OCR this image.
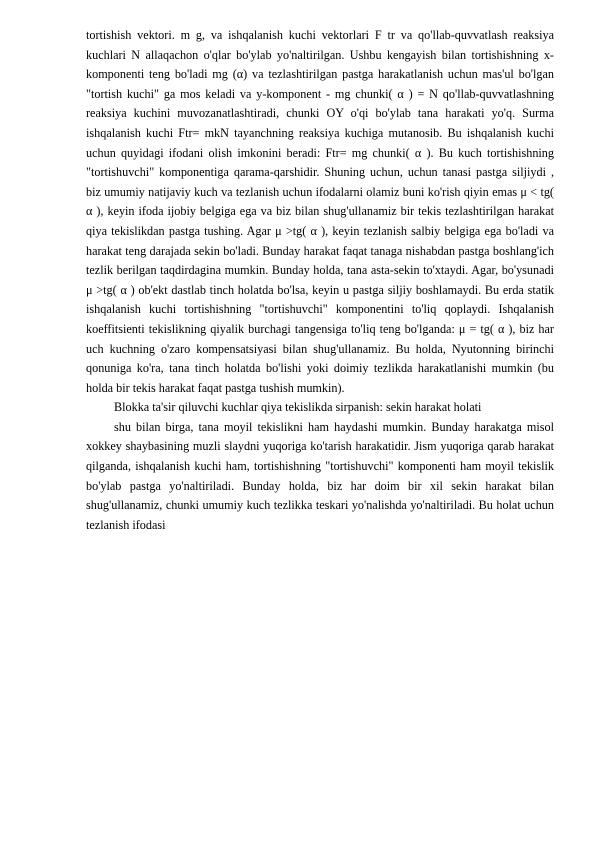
tortishish vektori. m g, va ishqalanish kuchi vektorlari F tr va qo'llab-quvvatlash reaksiya kuchlari N allaqachon o'qlar bo'ylab yo'naltirilgan. Ushbu kengayish bilan tortishishning x-komponenti teng bo'ladi mg (α) va tezlashtirilgan pastga harakatlanish uchun mas'ul bo'lgan "tortish kuchi" ga mos keladi va y-komponent - mg chunki( α ) = N qo'llab-quvvatlashning reaksiya kuchini muvozanatlashtiradi, chunki OY o'qi bo'ylab tana harakati yo'q. Surma ishqalanish kuchi Ftr= mkN tayanchning reaksiya kuchiga mutanosib. Bu ishqalanish kuchi uchun quyidagi ifodani olish imkonini beradi: Ftr= mg chunki( α ). Bu kuch tortishishning "tortishuvchi" komponentiga qarama-qarshidir. Shuning uchun, uchun tanasi pastga siljiydi , biz umumiy natijaviy kuch va tezlanish uchun ifodalarni olamiz buni ko'rish qiyin emas μ < tg( α ), keyin ifoda ijobiy belgiga ega va biz bilan shug'ullanamiz bir tekis tezlashtirilgan harakat qiya tekislikdan pastga tushing. Agar μ >tg( α ), keyin tezlanish salbiy belgiga ega bo'ladi va harakat teng darajada sekin bo'ladi. Bunday harakat faqat tanaga nishabdan pastga boshlang'ich tezlik berilgan taqdirdagina mumkin. Bunday holda, tana asta-sekin to'xtaydi. Agar, bo'ysunadi μ >tg( α ) ob'ekt dastlab tinch holatda bo'lsa, keyin u pastga siljiy boshlamaydi. Bu erda statik ishqalanish kuchi tortishishning "tortishuvchi" komponentini to'liq qoplaydi. Ishqalanish koeffitsienti tekislikning qiyalik burchagi tangensiga to'liq teng bo'lganda: μ = tg( α ), biz har uch kuchning o'zaro kompensatsiyasi bilan shug'ullanamiz. Bu holda, Nyutonning birinchi qonuniga ko'ra, tana tinch holatda bo'lishi yoki doimiy tezlikda harakatlanishi mumkin (bu holda bir tekis harakat faqat pastga tushish mumkin).

Blokka ta'sir qiluvchi kuchlar qiya tekislikda sirpanish: sekin harakat holati

shu bilan birga, tana moyil tekislikni ham haydashi mumkin. Bunday harakatga misol xokkey shaybasining muzli slaydni yuqoriga ko'tarish harakatidir. Jism yuqoriga qarab harakat qilganda, ishqalanish kuchi ham, tortishishning "tortishuvchi" komponenti ham moyil tekislik bo'ylab pastga yo'naltiriladi. Bunday holda, biz har doim bir xil sekin harakat bilan shug'ullanamiz, chunki umumiy kuch tezlikka teskari yo'nalishda yo'naltiriladi. Bu holat uchun tezlanish ifodasi
